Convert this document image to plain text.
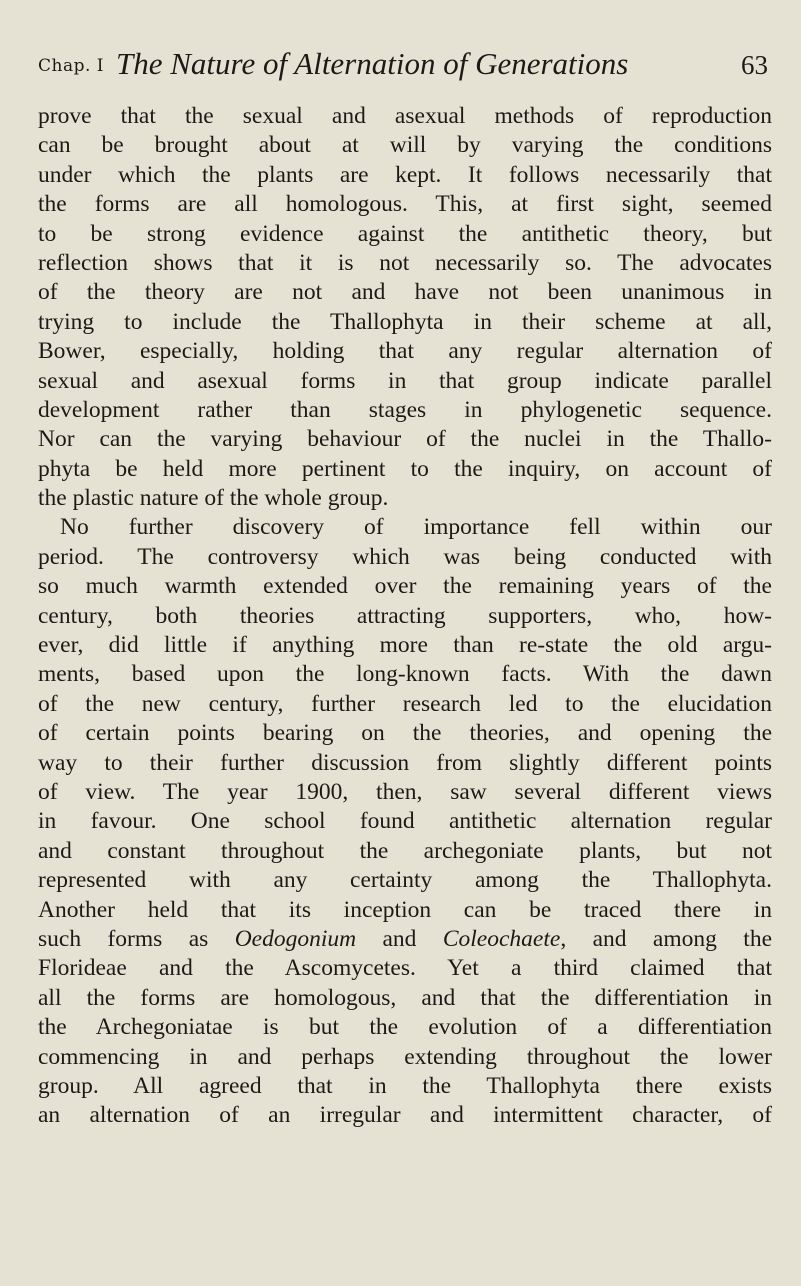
Chap. I The Nature of Alternation of Generations	63
prove that the sexual and asexual methods of reproduction
can be brought about at will by varying the conditions
under which the plants are kept. It follows necessarily that
the forms are all homologous. This, at first sight, seemed
to be strong evidence against the antithetic theory, but
reflection shows that it is not necessarily so. The advocates
of the theory are not and have not been unanimous in
trying to include the Thallophyta in their scheme at all,
Bower, especially, holding that any regular alternation of
sexual and asexual forms in that group indicate parallel
development rather than stages in phylogenetic sequence.
Nor can the varying behaviour of the nuclei in the Thallo-
phyta be held more pertinent to the inquiry, on account of
the plastic nature of the whole group.
No further discovery of importance fell within our
period. The controversy which was being conducted with
so much warmth extended over the remaining years of the
century, both theories attracting supporters, who, how-
ever, did little if anything more than re-state the old argu-
ments, based upon the long-known facts. With the dawn
of the new century, further research led to the elucidation
of certain points bearing on the theories, and opening the
way to their further discussion from slightly different points
of view. The year 1900, then, saw several different views
in favour. One school found antithetic alternation regular
and constant throughout the archegoniate plants, but not
represented with any certainty among the Thallophyta.
Another held that its inception can be traced there in
such forms as Oedogonium and Coleochaete, and among the
Florideae and the Ascomycetes. Yet a third claimed that
all the forms are homologous, and that the differentiation in
the Archegoniatae is but the evolution of a differentiation
commencing in and perhaps extending throughout the lower
group. All agreed that in the Thallophyta there exists
an alternation of an irregular and intermittent character, of
